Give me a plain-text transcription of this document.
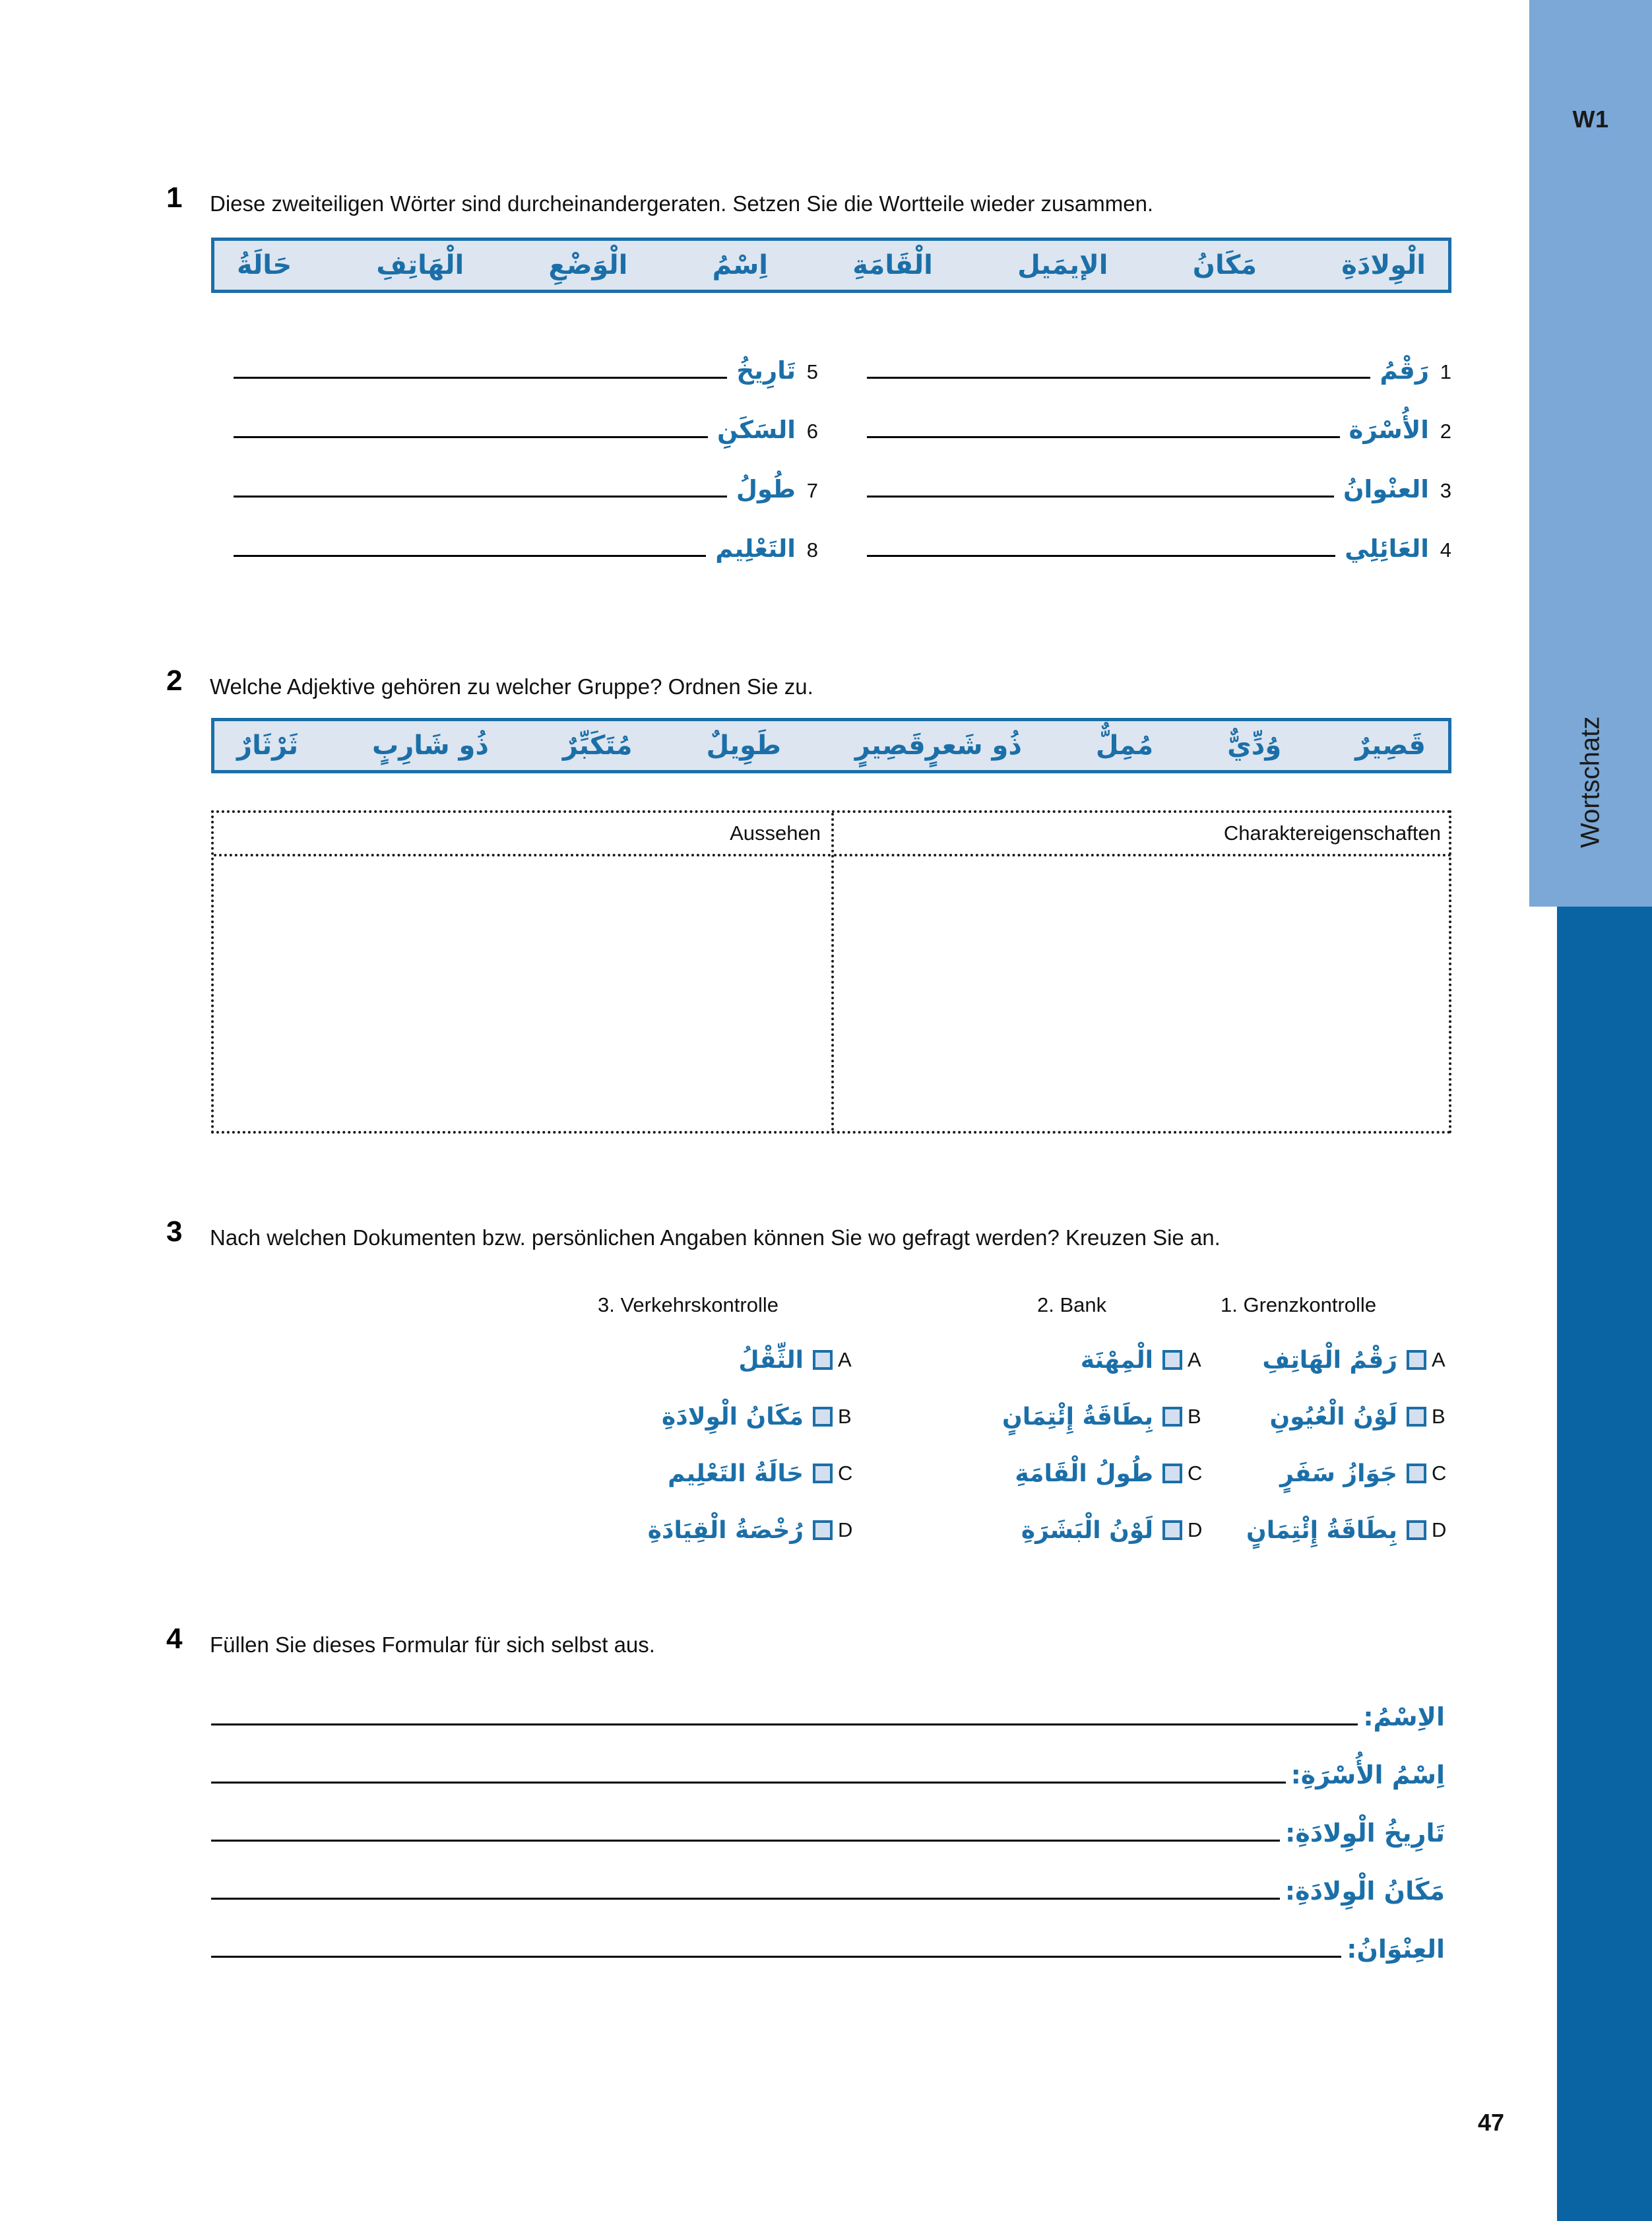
W1
Wortschatz
1 Diese zweiteiligen Wörter sind durcheinandergeraten. Setzen Sie die Wortteile wieder zusammen.
الْوِلادَةِ
مَكَانُ
الإيمَيل
الْقَامَةِ
اِسْمُ
الْوَضْعِ
الْهَاتِفِ
حَالَةُ
رَقْمُ 1
الأُسْرَة 2
العنْوانُ 3
العَائِلِي 4
تَارِيخُ 5
السَكَنِ 6
طُولُ 7
التَعْلِيم 8
2 Welche Adjektive gehören zu welcher Gruppe? Ordnen Sie zu.
قَصِيرٌ
وُدِّيٌّ
مُمِلٌّ
ذُو شَعرٍقَصِيرٍ
طَوِيلٌ
مُتَكَبِّرٌ
ذُو شَارِبٍ
ثَرْثَارٌ
Aussehen	Charaktereigenschaften
3 Nach welchen Dokumenten bzw. persönlichen Angaben können Sie wo gefragt werden? Kreuzen Sie an.
3. Verkehrskontrolle
الثِّقْلُ A
مَكَانُ الْوِلادَةِ B
حَالَةُ التَعْلِيم C
رُخْصَةُ الْقِيَادَةِ D
2. Bank
الْمِهْنَة A
بِطَاقَةُ إِئْتِمَانٍ B
طُولُ الْقَامَةِ C
لَوْنُ الْبَشَرَةِ D
1. Grenzkontrolle
رَقْمُ الْهَاتِفِ A
لَوْنُ الْعُيُونِ B
جَوَازُ سَفَرٍ C
بِطَاقَةُ إِئْتِمَانٍ D
4 Füllen Sie dieses Formular für sich selbst aus.
الاِسْمُ:
اِسْمُ الأُسْرَةِ:
تَارِيخُ الْوِلادَةِ:
مَكَانُ الْوِلادَةِ:
العِنْوَانُ:
47
